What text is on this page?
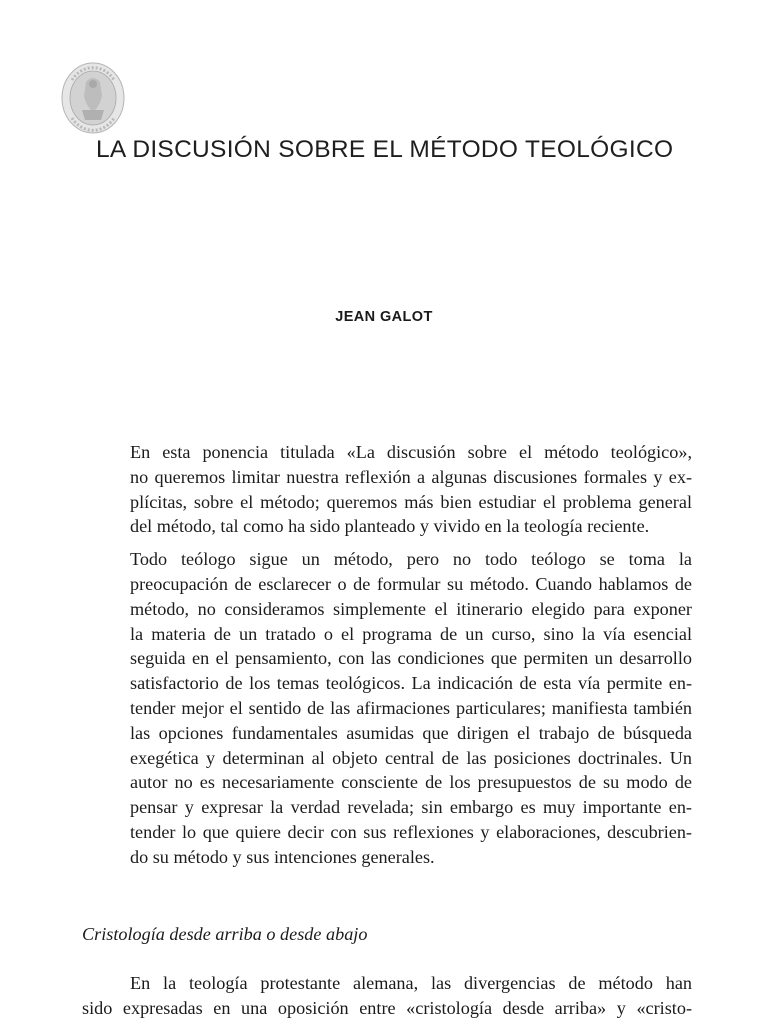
LA DISCUSIÓN SOBRE EL MÉTODO TEOLÓGICO
JEAN GALOT

En esta ponencia titulada «La discusión sobre el método teológico»,
no queremos limitar nuestra reflexión a algunas discusiones formales y ex-
plícitas, sobre el método; queremos más bien estudiar el problema general
del método, tal como ha sido planteado y vivido en la teología reciente.

Todo teólogo sigue un método, pero no todo teólogo se toma la
preocupación de esclarecer o de formular su método. Cuando hablamos de
método, no consideramos simplemente el itinerario elegido para exponer
la materia de un tratado o el programa de un curso, sino la vía esencial
seguida en el pensamiento, con las condiciones que permiten un desarrollo
satisfactorio de los temas teológicos. La indicación de esta vía permite en-
tender mejor el sentido de las afirmaciones particulares; manifiesta también
las opciones fundamentales asumidas que dirigen el trabajo de búsqueda
exegética y determinan al objeto central de las posiciones doctrinales. Un
autor no es necesariamente consciente de los presupuestos de su modo de
pensar y expresar la verdad revelada; sin embargo es muy importante en-
tender lo que quiere decir con sus reflexiones y elaboraciones, descubrien-
do su método y sus intenciones generales.

Cristología desde arriba o desde abajo
En la teología protestante alemana, las divergencias de método han
sido expresadas en una oposición entre «cristología desde arriba» y «cristo-
